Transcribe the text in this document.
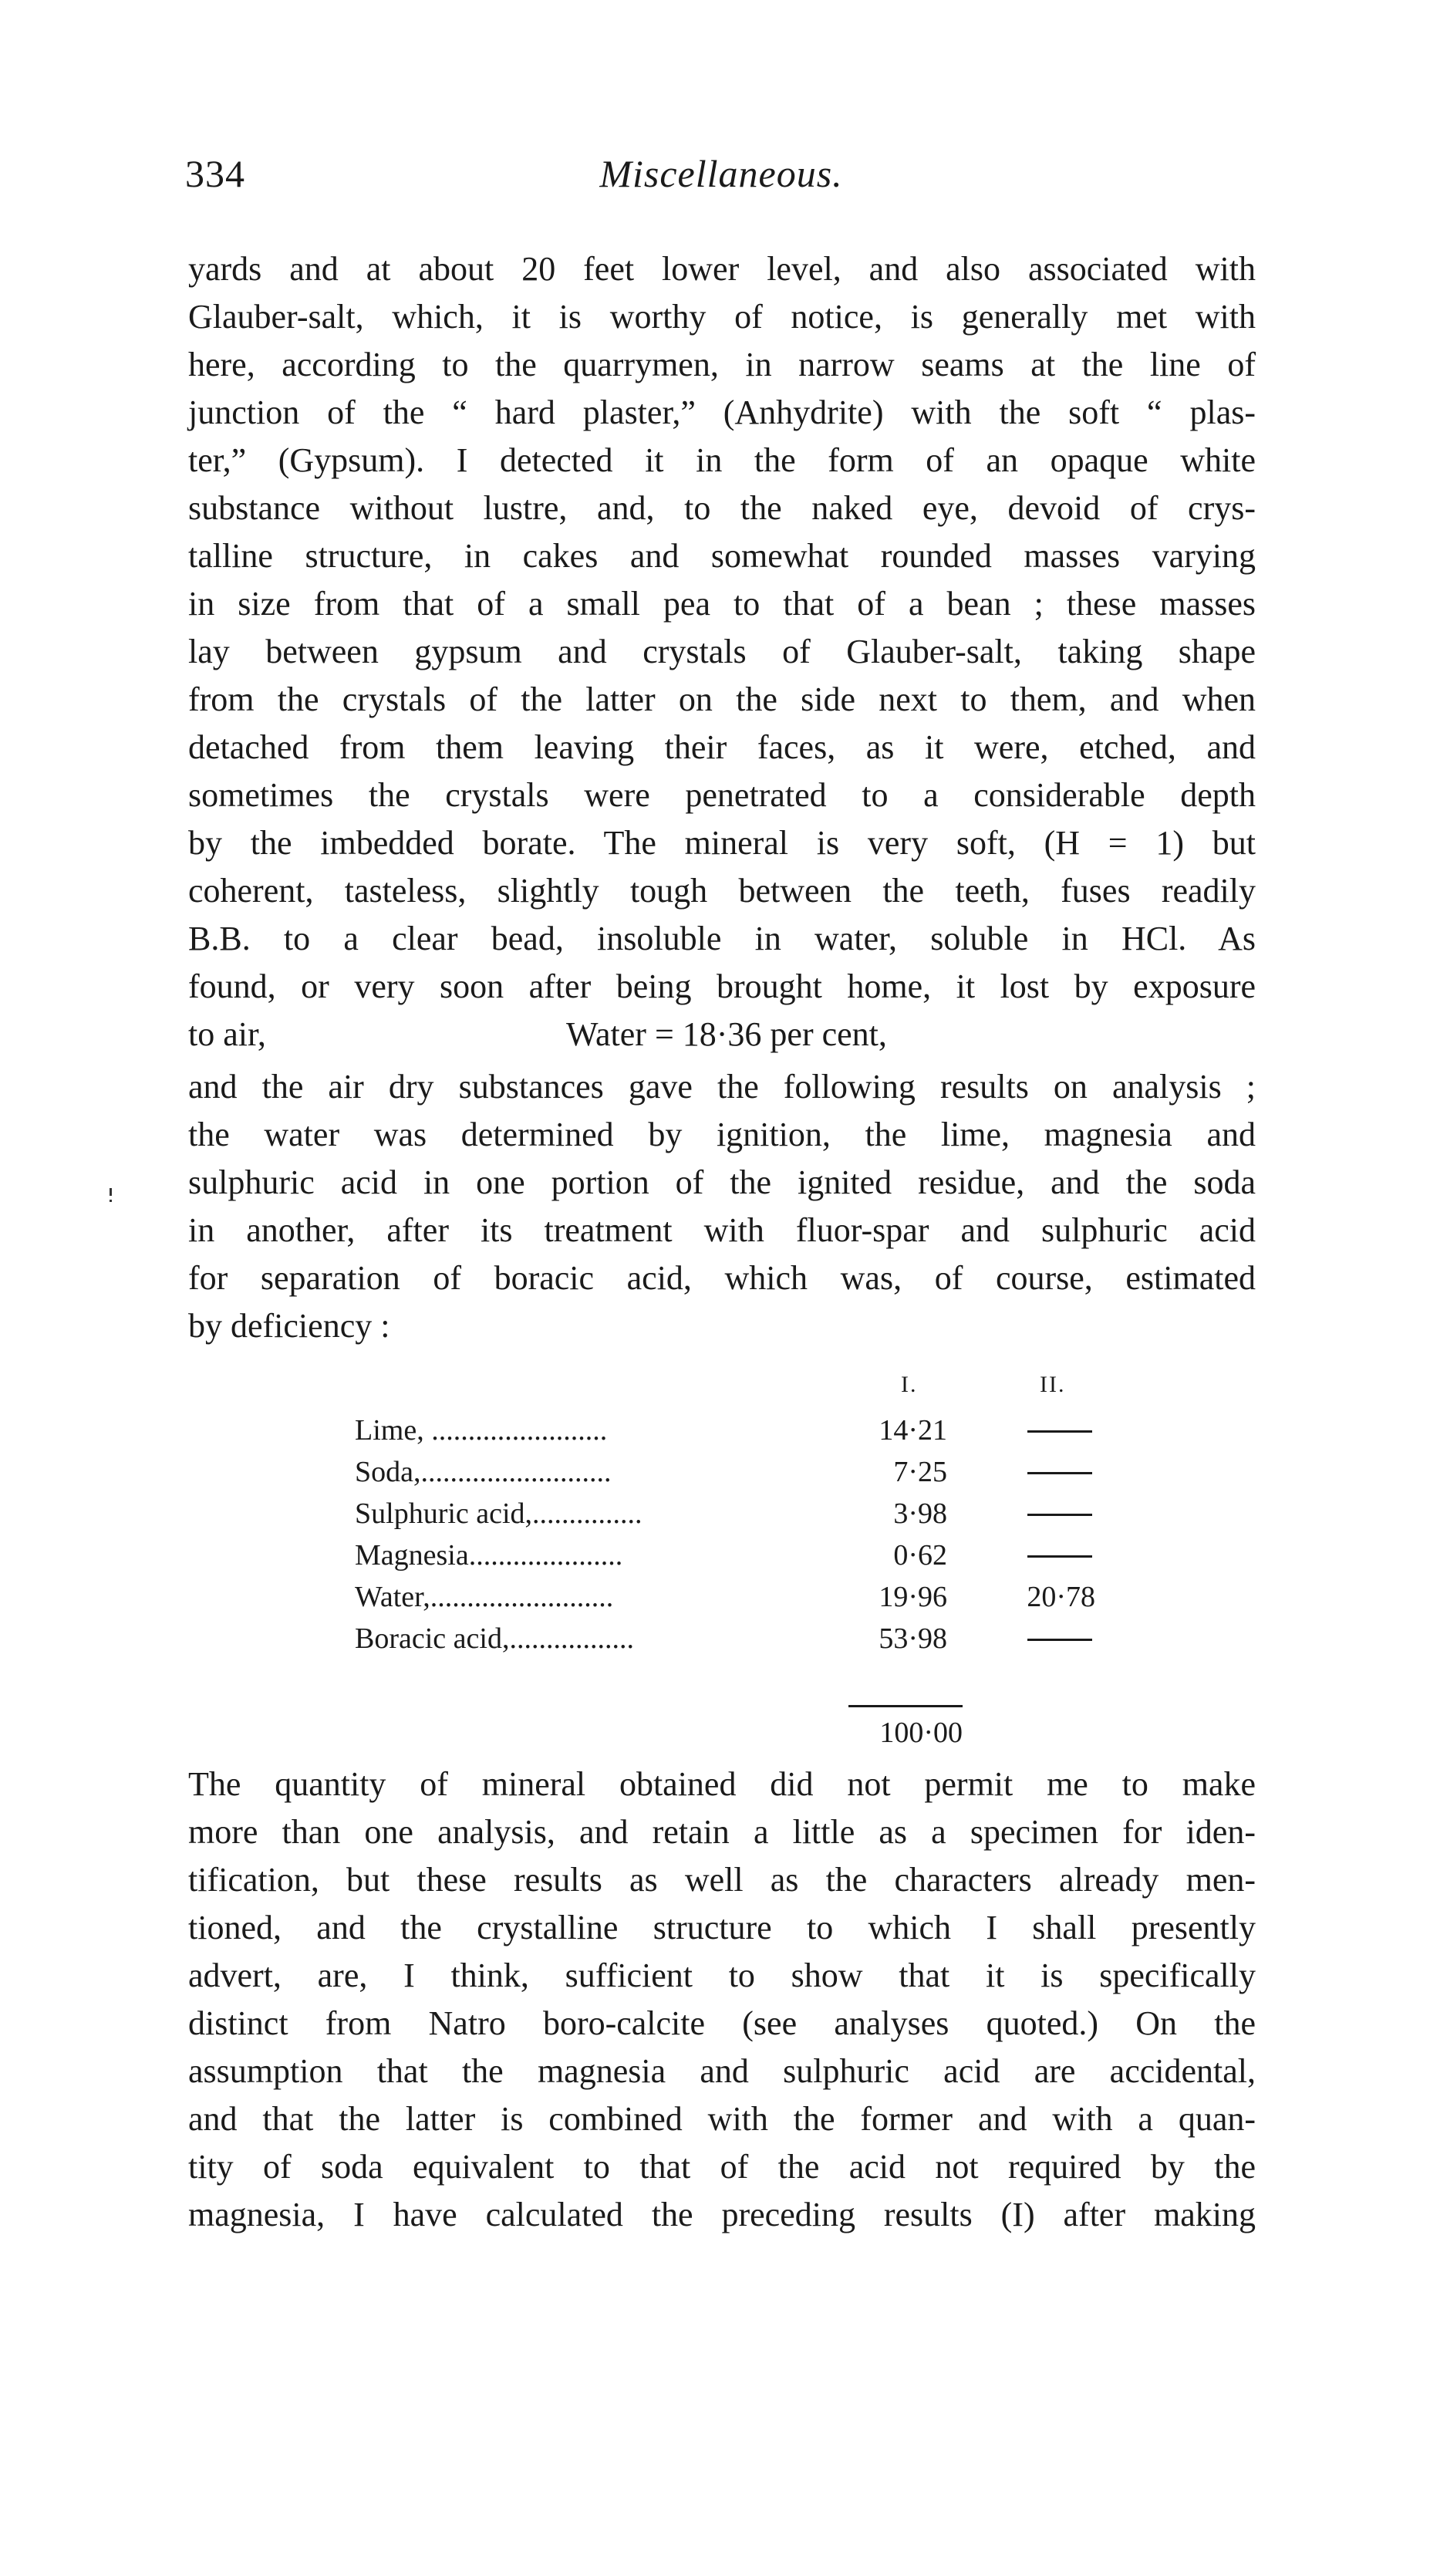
Miscellaneous.
334
yards and at about 20 feet lower level, and also associated with
Glauber-salt, which, it is worthy of notice, is generally met with
here, according to the quarrymen, in narrow seams at the line of
junction of the “ hard plaster,” (Anhydrite) with the soft “ plas-
ter,” (Gypsum). I detected it in the form of an opaque white
substance without lustre, and, to the naked eye, devoid of crys-
talline structure, in cakes and somewhat rounded masses varying
in size from that of a small pea to that of a bean ; these masses
lay between gypsum and crystals of Glauber-salt, taking shape
from the crystals of the latter on the side next to them, and when
detached from them leaving their faces, as it were, etched, and
sometimes the crystals were penetrated to a considerable depth
by the imbedded borate. The mineral is very soft, (H = 1) but
coherent, tasteless, slightly tough between the teeth, fuses readily
B.B. to a clear bead, insoluble in water, soluble in HCl. As
found, or very soon after being brought home, it lost by exposure
to air,	Water = 18·36 per cent,
and the air dry substances gave the following results on analysis ;
the water was determined by ignition, the lime, magnesia and
sulphuric acid in one portion of the ignited residue, and the soda
in another, after its treatment with fluor-spar and sulphuric acid
for separation of boracic acid, which was, of course, estimated
by deficiency :
I.	II.
Lime, ........................	14·21
Soda,..........................	7·25
Sulphuric acid,...............	3·98
Magnesia.....................	0·62
Water,.........................	19·96	20·78
Boracic acid,.................	53·98
100·00
The quantity of mineral obtained did not permit me to make
more than one analysis, and retain a little as a specimen for iden-
tification, but these results as well as the characters already men-
tioned, and the crystalline structure to which I shall presently
advert, are, I think, sufficient to show that it is specifically
distinct from Natro boro-calcite (see analyses quoted.) On the
assumption that the magnesia and sulphuric acid are accidental,
and that the latter is combined with the former and with a quan-
tity of soda equivalent to that of the acid not required by the
magnesia, I have calculated the preceding results (I) after making
